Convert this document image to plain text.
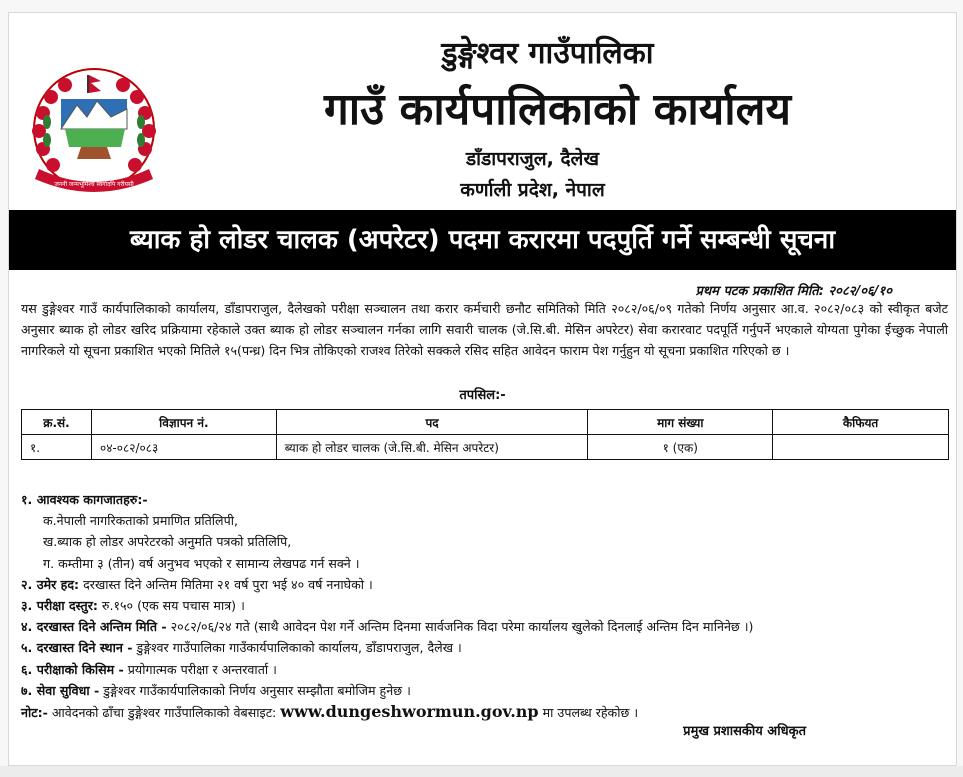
जननी जन्मभूमिश्च स्वर्गादपि गरीयसी
डुङ्गेश्वर गाउँपालिका
गाउँ कार्यपालिकाको कार्यालय
डाँडापराजुल, दैलेख
कर्णाली प्रदेश, नेपाल
ब्याक हो लोडर चालक (अपरेटर) पदमा करारमा पदपुर्ति गर्ने सम्बन्धी सूचना
प्रथम पटक प्रकाशित मिति: २०८२/०६/१०
यस डुङ्गेश्वर गाउँ कार्यपालिकाको कार्यालय, डाँडापराजुल, दैलेखको परीक्षा सञ्चालन तथा करार कर्मचारी छनौट समितिको मिति २०८२/०६/०९ गतेको निर्णय अनुसार आ.व. २०८२/०८३ को स्वीकृत बजेट अनुसार ब्याक हो लोडर खरिद प्रक्रियामा रहेकाले उक्त ब्याक हो लोडर सञ्चालन गर्नका लागि सवारी चालक (जे.सि.बी. मेसिन अपरेटर) सेवा करारवाट पदपूर्ति गर्नुपर्ने भएकाले योग्यता पुगेका ईच्छुक नेपाली नागरिकले यो सूचना प्रकाशित भएको मितिले १५(पन्ध्र) दिन भित्र तोकिएको राजश्व तिरेको सक्कले रसिद सहित आवेदन फाराम पेश गर्नुहुन यो सूचना प्रकाशित गरिएको छ ।
तपसिल:-
क्र.सं.	विज्ञापन नं.	पद	माग संख्या	कैफियत
१.	०४-०८२/०८३	ब्याक हो लोडर चालक (जे.सि.बी. मेसिन अपरेटर)	१ (एक)	
१. आवश्यक कागजातहरु:-
क.नेपाली नागरिकताको प्रमाणित प्रतिलिपी,
ख.ब्याक हो लोडर अपरेटरको अनुमति पत्रको प्रतिलिपि,
ग. कम्तीमा ३ (तीन) वर्ष अनुभव भएको र सामान्य लेखपढ गर्न सक्ने ।
२. उमेर हद: दरखास्त दिने अन्तिम मितिमा २१ वर्ष पुरा भई ४० वर्ष ननाघेको ।
३. परीक्षा दस्तुर: रु.१५० (एक सय पचास मात्र) ।
४. दरखास्त दिने अन्तिम मिति - २०८२/०६/२४ गते (साथै आवेदन पेश गर्ने अन्तिम दिनमा सार्वजनिक विदा परेमा कार्यालय खुलेको दिनलाई अन्तिम दिन मानिनेछ ।)
५. दरखास्त दिने स्थान - डुङ्गेश्वर गाउँपालिका गाउँकार्यपालिकाको कार्यालय, डाँडापराजुल, दैलेख ।
६. परीक्षाको किसिम - प्रयोगात्मक परीक्षा र अन्तरवार्ता ।
७. सेवा सुविधा - डुङ्गेश्वर गाउँकार्यपालिकाको निर्णय अनुसार सम्झौता बमोजिम हुनेछ ।
नोट:- आवेदनको ढाँचा डुङ्गेश्वर गाउँपालिकाको वेबसाइट: www.dungeshwormun.gov.np मा उपलब्ध रहेकोछ ।
प्रमुख प्रशासकीय अधिकृत
